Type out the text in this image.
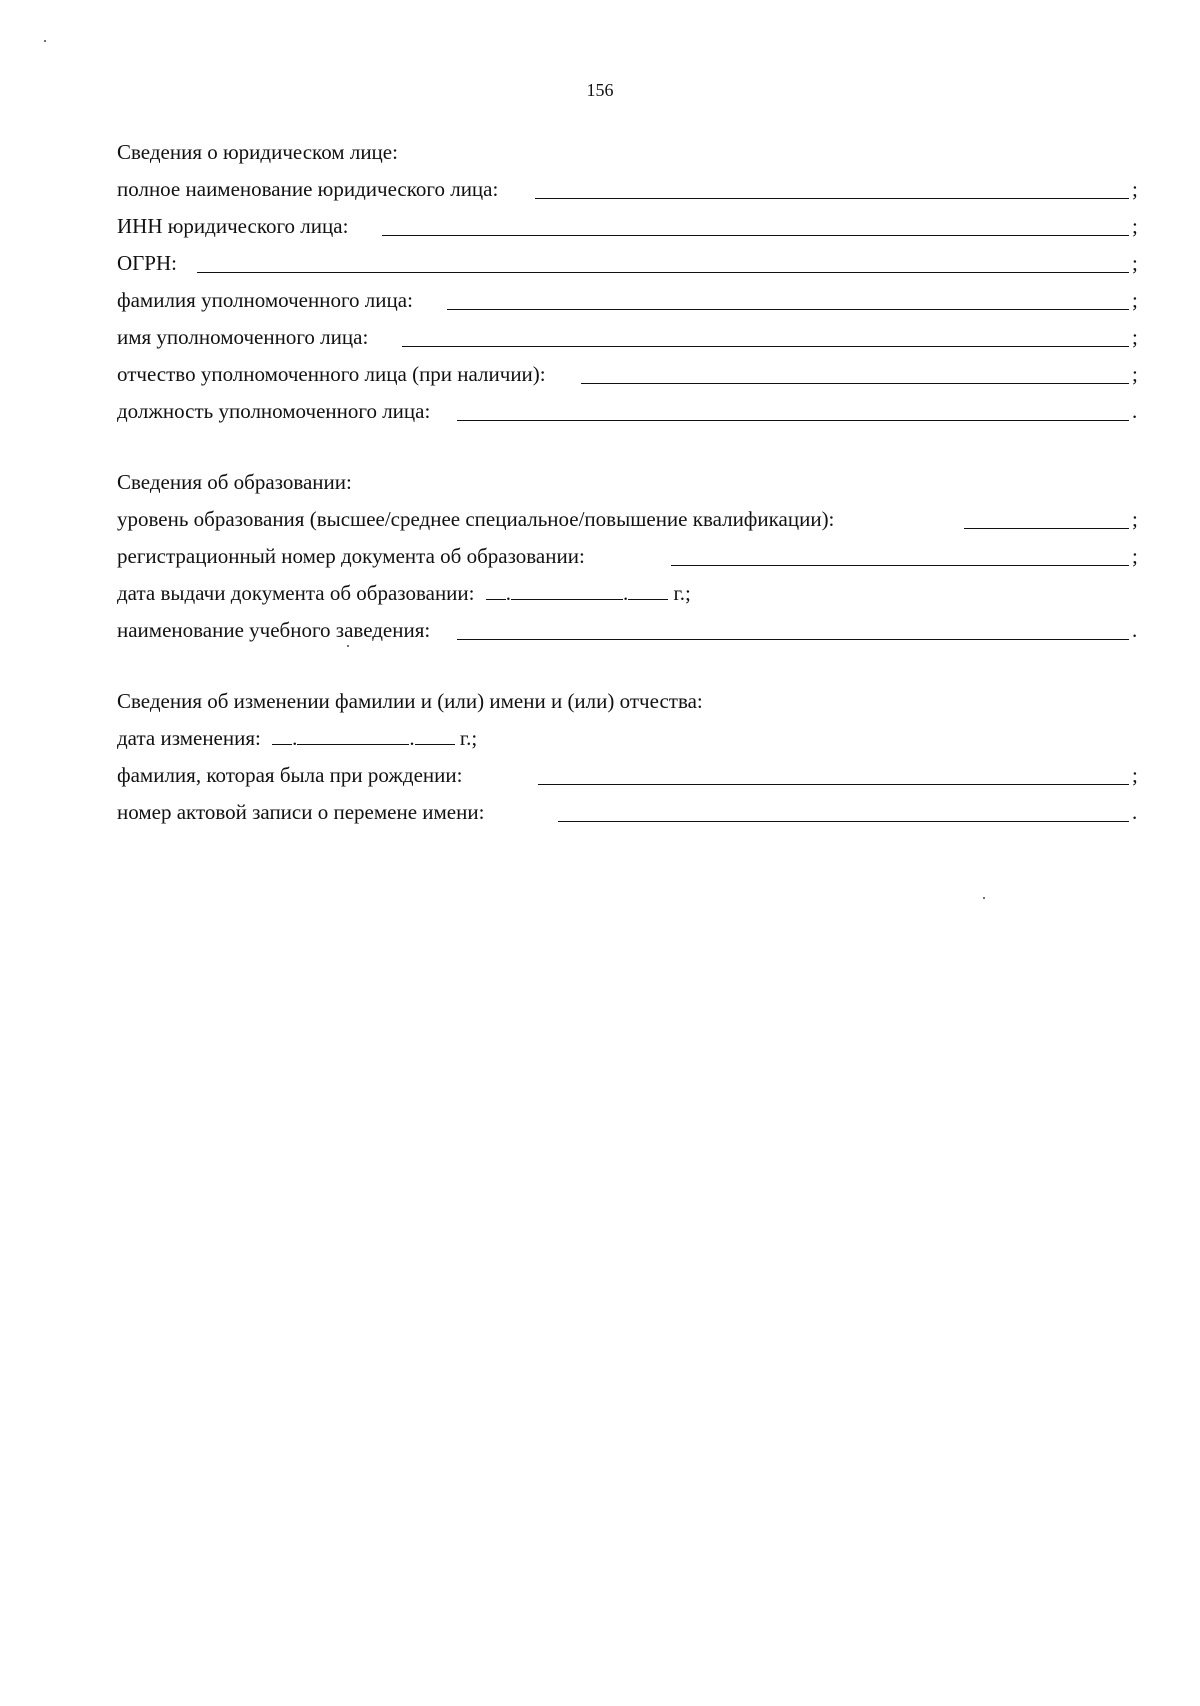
156
Сведения о юридическом лице:
полное наименование юридического лица:	;
ИНН юридического лица:	;
ОГРН:	;
фамилия уполномоченного лица:	;
имя уполномоченного лица:	;
отчество уполномоченного лица (при наличии):	;
должность уполномоченного лица:	.
Сведения об образовании:
уровень образования (высшее/среднее специальное/повышение квалификации):	;
регистрационный номер документа об образовании:	;
дата выдачи документа об образовании: .	. г.;
наименование учебного заведения:	.
Сведения об изменении фамилии и (или) имени и (или) отчества:
дата изменения: .	. г.;
фамилия, которая была при рождении:	;
номер актовой записи о перемене имени:	.
